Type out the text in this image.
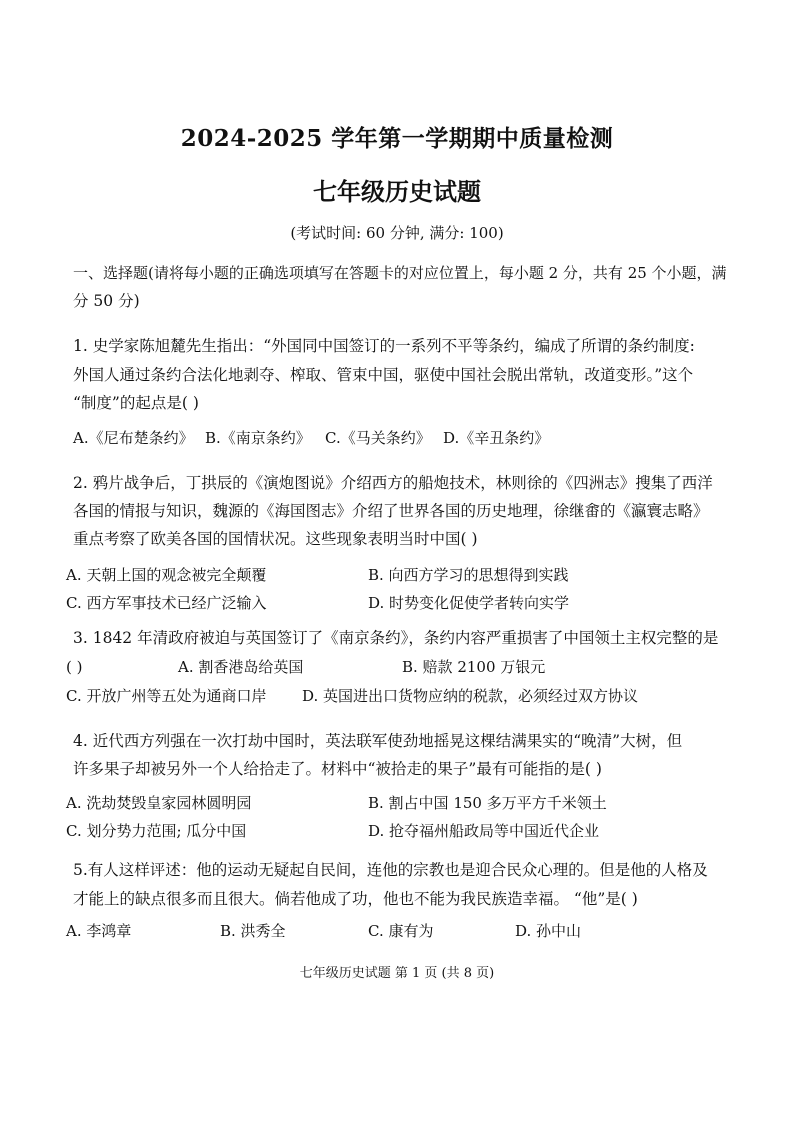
2024-2025 学年第一学期期中质量检测
七年级历史试题
(考试时间: 60 分钟, 满分: 100)
一、选择题(请将每小题的正确选项填写在答题卡的对应位置上，每小题 2 分，共有 25 个小题，满
分 50 分)
1. 史学家陈旭麓先生指出：“外国同中国签订的一系列不平等条约，编成了所谓的条约制度:
外国人通过条约合法化地剥夺、榨取、管束中国，驱使中国社会脱出常轨，改道变形。”这个
“制度”的起点是( )
A.《尼布楚条约》 B.《南京条约》 C.《马关条约》 D.《辛丑条约》
2. 鸦片战争后，丁拱辰的《演炮图说》介绍西方的船炮技术，林则徐的《四洲志》搜集了西洋
各国的情报与知识，魏源的《海国图志》介绍了世界各国的历史地理，徐继畬的《瀛寰志略》
重点考察了欧美各国的国情状况。这些现象表明当时中国( )
A. 天朝上国的观念被完全颠覆	B. 向西方学习的思想得到实践
C. 西方军事技术已经广泛输入	D. 时势变化促使学者转向实学
3. 1842 年清政府被迫与英国签订了《南京条约》，条约内容严重损害了中国领土主权完整的是
( )	A. 割香港岛给英国	B. 赔款 2100 万银元
C. 开放广州等五处为通商口岸 D. 英国进出口货物应纳的税款，必须经过双方协议
4. 近代西方列强在一次打劫中国时，英法联军使劲地摇晃这棵结满果实的“晚清”大树，但
许多果子却被另外一个人给拾走了。材料中“被拾走的果子”最有可能指的是( )
A. 洗劫焚毁皇家园林圆明园	B. 割占中国 150 多万平方千米领土
C. 划分势力范围; 瓜分中国	D. 抢夺福州船政局等中国近代企业
5.有人这样评述：他的运动无疑起自民间，连他的宗教也是迎合民众心理的。但是他的人格及
才能上的缺点很多而且很大。倘若他成了功，他也不能为我民族造幸福。 “他”是( )
A. 李鸿章	B. 洪秀全	C. 康有为	D. 孙中山
七年级历史试题 第 1 页 (共 8 页)
